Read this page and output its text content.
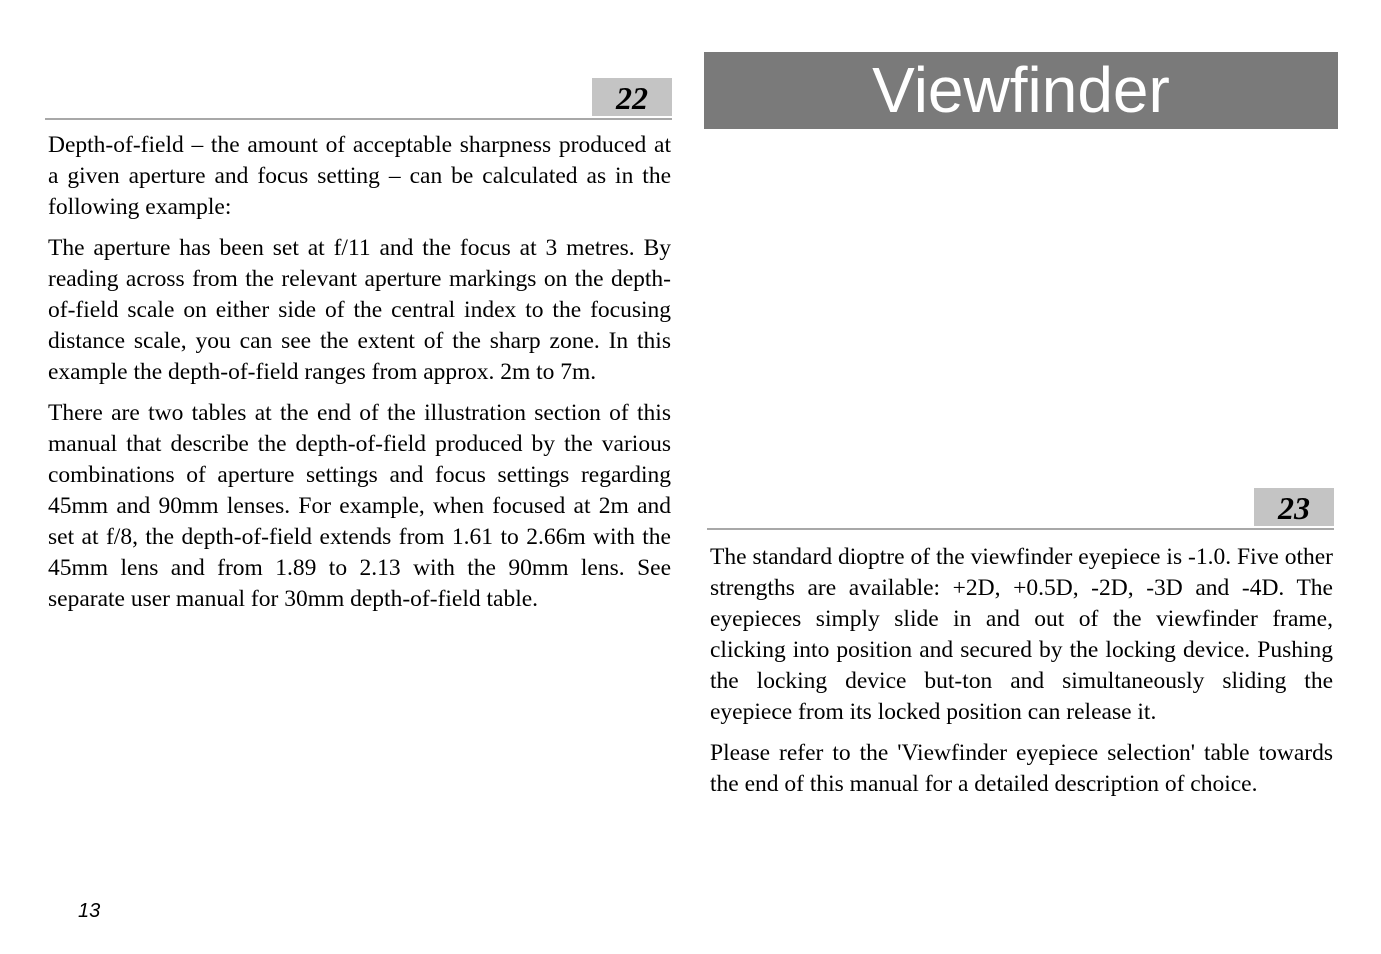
22

Depth-of-field – the amount of acceptable sharpness produced at a given aperture and focus setting – can be calculated as in the following example:

The aperture has been set at f/11 and the focus at 3 metres. By reading across from the relevant aperture markings on the depth-of-field scale on either side of the central index to the focusing distance scale, you can see the extent of the sharp zone. In this example the depth-of-field ranges from approx. 2m to 7m.

There are two tables at the end of the illustration section of this manual that describe the depth-of-field produced by the various combinations of aperture settings and focus settings regarding 45mm and 90mm lenses. For example, when focused at 2m and set at f/8, the depth-of-field extends from 1.61 to 2.66m with the 45mm lens and from 1.89 to 2.13 with the 90mm lens. See separate user manual for 30mm depth-of-field table.

Viewfinder
23

The standard dioptre of the viewfinder eyepiece is -1.0. Five other strengths are available: +2D, +0.5D, -2D, -3D and -4D. The eyepieces simply slide in and out of the viewfinder frame, clicking into position and secured by the locking device. Pushing the locking device but-ton and simultaneously sliding the eyepiece from its locked position can release it.

Please refer to the 'Viewfinder eyepiece selection' table towards the end of this manual for a detailed description of choice.

13
